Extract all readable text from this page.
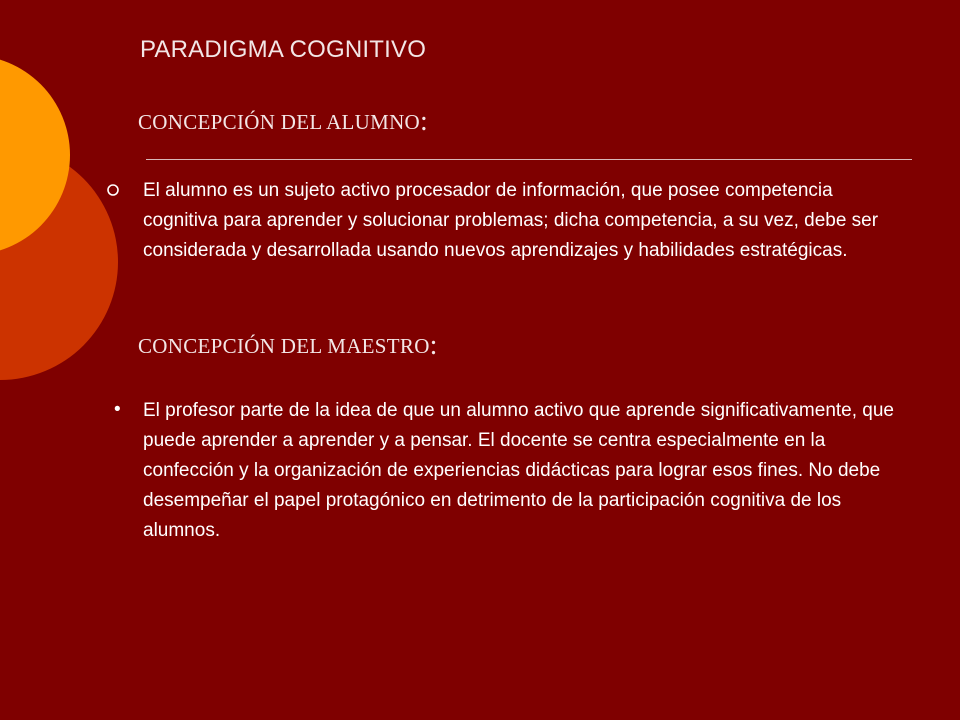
PARADIGMA COGNITIVO
CONCEPCIÓN DEL ALUMNO:
El alumno es un sujeto activo procesador de información, que posee competencia cognitiva para aprender y solucionar problemas; dicha competencia, a su vez, debe ser considerada y desarrollada usando nuevos aprendizajes y habilidades estratégicas.
CONCEPCIÓN DEL MAESTRO:
• El profesor parte de la idea de que un alumno activo que aprende significativamente, que puede aprender a aprender y a pensar. El docente se centra especialmente en la confección y la organización de experiencias didácticas para lograr esos fines. No debe desempeñar el papel protagónico en detrimento de la participación cognitiva de los alumnos.
